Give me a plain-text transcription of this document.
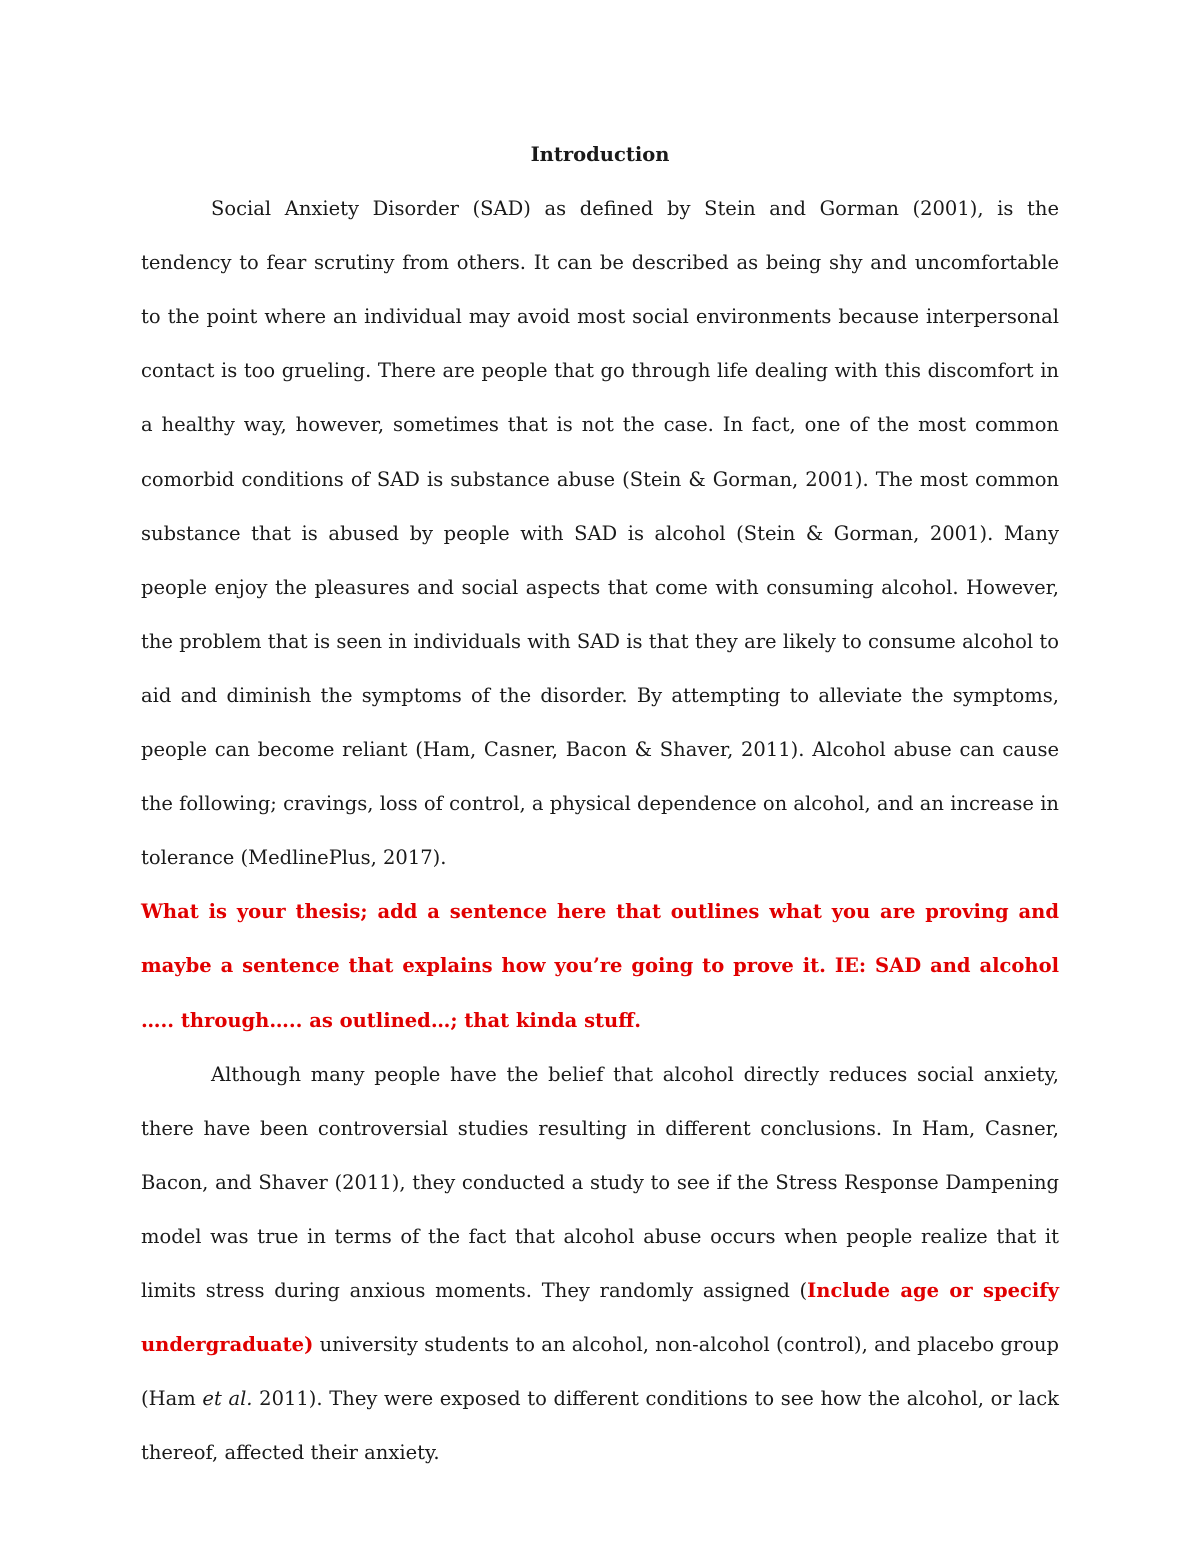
Introduction

Social Anxiety Disorder (SAD) as defined by Stein and Gorman (2001), is the tendency to fear scrutiny from others. It can be described as being shy and uncomfortable to the point where an individual may avoid most social environments because interpersonal contact is too grueling. There are people that go through life dealing with this discomfort in a healthy way, however, sometimes that is not the case. In fact, one of the most common comorbid conditions of SAD is substance abuse (Stein & Gorman, 2001). The most common substance that is abused by people with SAD is alcohol (Stein & Gorman, 2001). Many people enjoy the pleasures and social aspects that come with consuming alcohol. However, the problem that is seen in individuals with SAD is that they are likely to consume alcohol to aid and diminish the symptoms of the disorder. By attempting to alleviate the symptoms, people can become reliant (Ham, Casner, Bacon & Shaver, 2011). Alcohol abuse can cause the following; cravings, loss of control, a physical dependence on alcohol, and an increase in tolerance (MedlinePlus, 2017).

What is your thesis; add a sentence here that outlines what you are proving and maybe a sentence that explains how you’re going to prove it. IE: SAD and alcohol ….. through….. as outlined…; that kinda stuff.

Although many people have the belief that alcohol directly reduces social anxiety, there have been controversial studies resulting in different conclusions. In Ham, Casner, Bacon, and Shaver (2011), they conducted a study to see if the Stress Response Dampening model was true in terms of the fact that alcohol abuse occurs when people realize that it limits stress during anxious moments. They randomly assigned (Include age or specify undergraduate) university students to an alcohol, non-alcohol (control), and placebo group (Ham et al. 2011). They were exposed to different conditions to see how the alcohol, or lack thereof, affected their anxiety.
